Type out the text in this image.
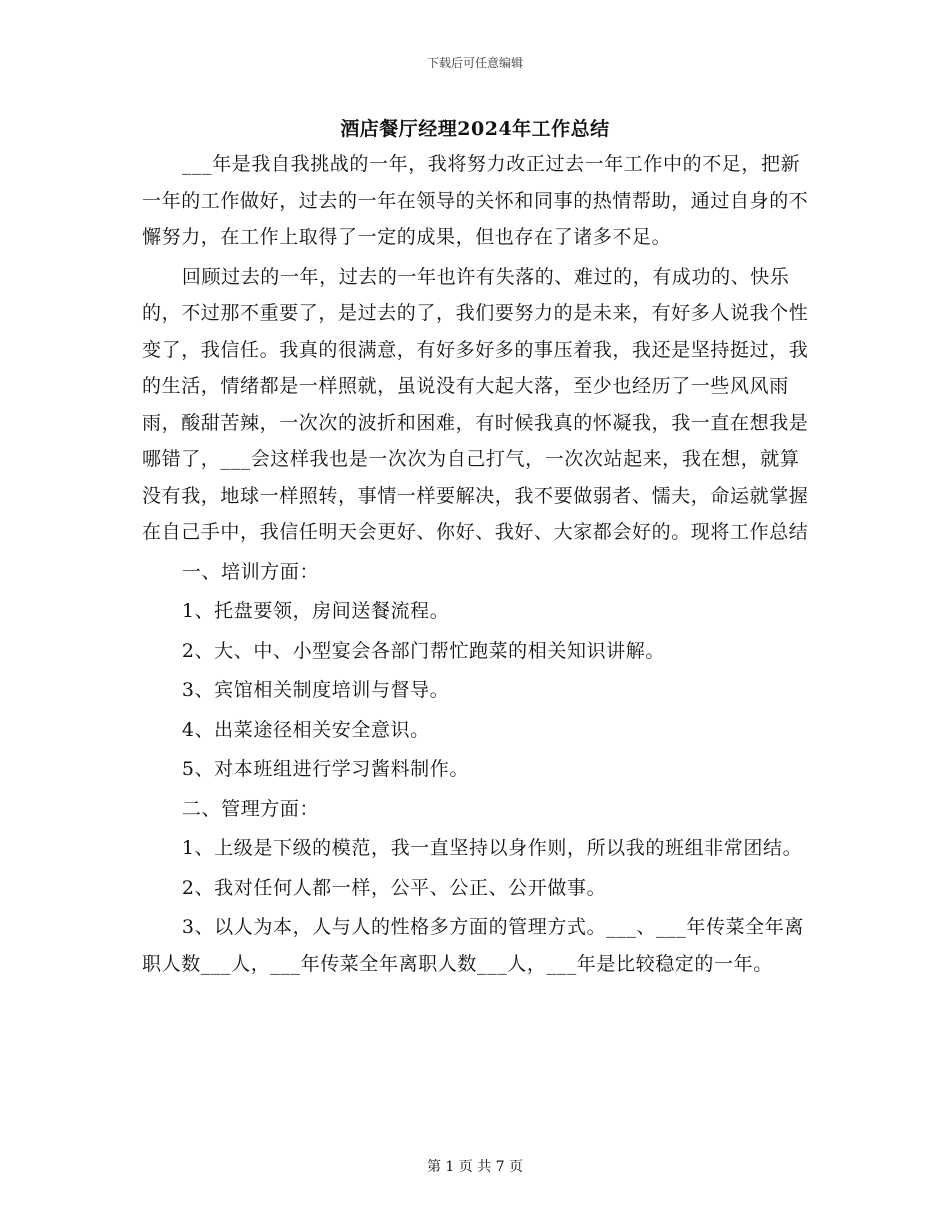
下载后可任意编辑
酒店餐厅经理2024年工作总结

___年是我自我挑战的一年，我将努力改正过去一年工作中的不足，把新一年的工作做好，过去的一年在领导的关怀和同事的热情帮助，通过自身的不懈努力，在工作上取得了一定的成果，但也存在了诸多不足。

回顾过去的一年，过去的一年也许有失落的、难过的，有成功的、快乐的，不过那不重要了，是过去的了，我们要努力的是未来，有好多人说我个性变了，我信任。我真的很满意，有好多好多的事压着我，我还是坚持挺过，我的生活，情绪都是一样照就，虽说没有大起大落，至少也经历了一些风风雨雨，酸甜苦辣，一次次的波折和困难，有时候我真的怀凝我，我一直在想我是哪错了，___会这样我也是一次次为自己打气，一次次站起来，我在想，就算没有我，地球一样照转，事情一样要解决，我不要做弱者、懦夫，命运就掌握在自己手中，我信任明天会更好、你好、我好、大家都会好的。现将工作总结

一、培训方面：

1、托盘要领，房间送餐流程。

2、大、中、小型宴会各部门帮忙跑菜的相关知识讲解。

3、宾馆相关制度培训与督导。

4、出菜途径相关安全意识。

5、对本班组进行学习酱料制作。

二、管理方面：

1、上级是下级的模范，我一直坚持以身作则，所以我的班组非常团结。

2、我对任何人都一样，公平、公正、公开做事。

3、以人为本，人与人的性格多方面的管理方式。___、___年传菜全年离职人数___人，___年传菜全年离职人数___人，___年是比较稳定的一年。

第 1 页 共 7 页
